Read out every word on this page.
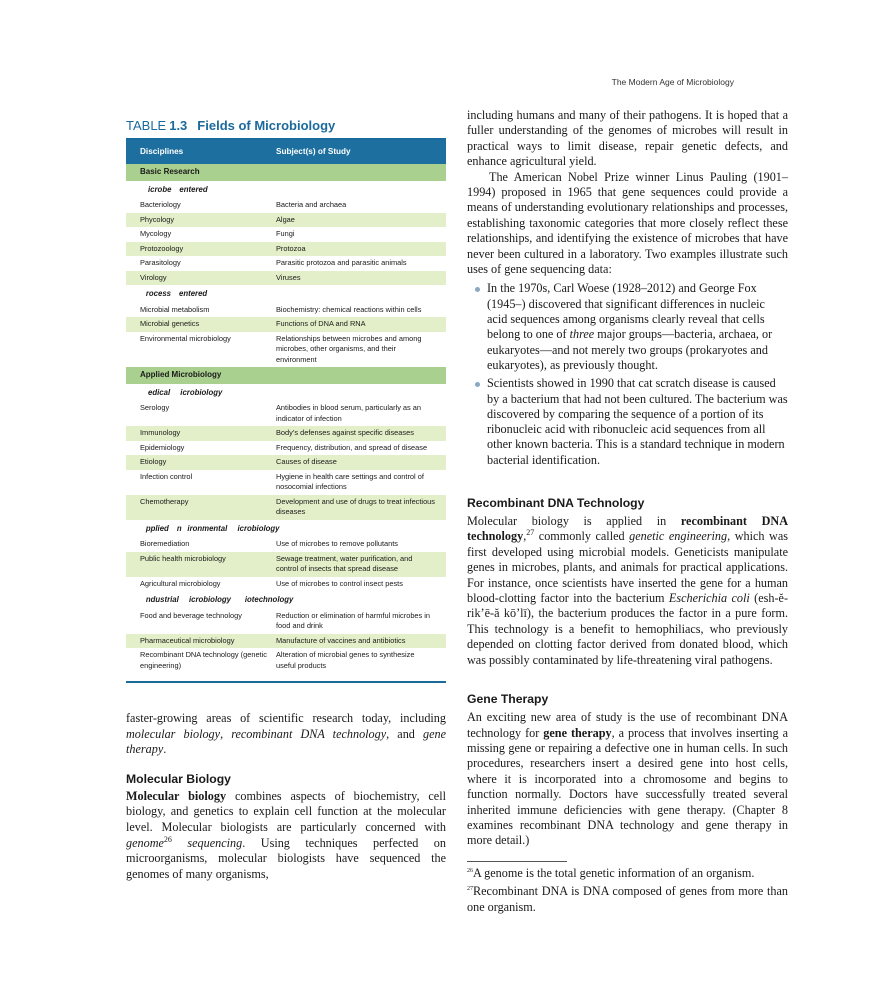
The Modern Age of Microbiology
TABLE 1.3 Fields of Microbiology
Disciplines	Subject(s) of Study
Basic Research	
  icrobe  entered	
Bacteriology	Bacteria and archaea
Phycology	Algae
Mycology	Fungi
Protozoology	Protozoa
Parasitology	Parasitic protozoa and parasitic animals
Virology	Viruses
 rocess  entered	
Microbial metabolism	Biochemistry: chemical reactions within cells
Microbial genetics	Functions of DNA and RNA
Environmental microbiology	Relationships between microbes and among microbes, other organisms, and their environment
Applied Microbiology	
  edical   icrobiology	
Serology	Antibodies in blood serum, particularly as an indicator of infection
Immunology	Body’s defenses against specific diseases
Epidemiology	Frequency, distribution, and spread of disease
Etiology	Causes of disease
Infection control	Hygiene in health care settings and control of nosocomial infections
Chemotherapy	Development and use of drugs to treat infectious diseases
 pplied  n ironmental   icrobiology	
Bioremediation	Use of microbes to remove pollutants
Public health microbiology	Sewage treatment, water purification, and control of insects that spread disease
Agricultural microbiology	Use of microbes to control insect pests
 ndustrial   icrobiology   iotechnology 	
Food and beverage technology	Reduction or elimination of harmful microbes in food and drink
Pharmaceutical microbiology	Manufacture of vaccines and antibiotics
Recombinant DNA technology (genetic engineering)	Alteration of microbial genes to synthesize useful products

faster-growing areas of scientific research today, including molecular biology, recombinant DNA technology, and gene therapy.

Molecular Biology

Molecular biology combines aspects of biochemistry, cell biology, and genetics to explain cell function at the molecular level. Molecular biologists are particularly concerned with genome$^{26}$ sequencing. Using techniques perfected on microorganisms, molecular biologists have sequenced the genomes of many organisms,

including humans and many of their pathogens. It is hoped that a fuller understanding of the genomes of microbes will result in practical ways to limit disease, repair genetic defects, and enhance agricultural yield.

The American Nobel Prize winner Linus Pauling (1901–1994) proposed in 1965 that gene sequences could provide a means of understanding evolutionary relationships and processes, establishing taxonomic categories that more closely reflect these relationships, and identifying the existence of microbes that have never been cultured in a laboratory. Two examples illustrate such uses of gene sequencing data:

In the 1970s, Carl Woese (1928–2012) and George Fox (1945–) discovered that significant differences in nucleic acid sequences among organisms clearly reveal that cells belong to one of three major groups—bacteria, archaea, or eukaryotes—and not merely two groups (prokaryotes and eukaryotes), as previously thought.
Scientists showed in 1990 that cat scratch disease is caused by a bacterium that had not been cultured. The bacterium was discovered by comparing the sequence of a portion of its ribonucleic acid with ribonucleic acid sequences from all other known bacteria. This is a standard technique in modern bacterial identification.
Recombinant DNA Technology

Molecular biology is applied in recombinant DNA technology,$^{27}$ commonly called genetic engineering, which was first developed using microbial models. Geneticists manipulate genes in microbes, plants, and animals for practical applications. For instance, once scientists have inserted the gene for a human blood-clotting factor into the bacterium Escherichia coli (esh-ĕ-rik’ē-ă kō’lī), the bacterium produces the factor in a pure form. This technology is a benefit to hemophiliacs, who previously depended on clotting factor derived from donated blood, which was possibly contaminated by life-threatening viral pathogens.

Gene Therapy

An exciting new area of study is the use of recombinant DNA technology for gene therapy, a process that involves inserting a missing gene or repairing a defective one in human cells. In such procedures, researchers insert a desired gene into host cells, where it is incorporated into a chromosome and begins to function normally. Doctors have successfully treated several inherited immune deficiencies with gene therapy. (Chapter 8 examines recombinant DNA technology and gene therapy in more detail.)

$^{26}$A genome is the total genetic information of an organism.

$^{27}$Recombinant DNA is DNA composed of genes from more than one organism.
